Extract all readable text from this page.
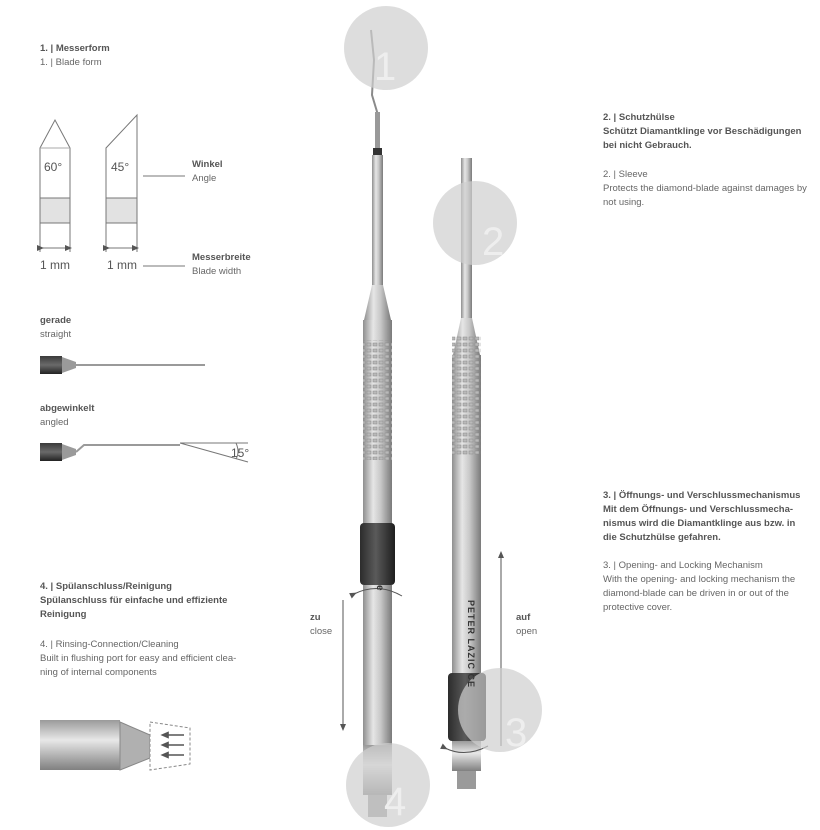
1. | Messerform
1. | Blade form
60°	45°
1 mm	1 mm
Winkel
Angle
Messerbreite
Blade width
gerade
straight
abgewinkelt
angled
15°
4. | Spülanschluss/Reinigung
Spülanschluss für einfache und effiziente
Reinigung
4. | Rinsing-Connection/Cleaning
Built in flushing port for easy and efficient clea-
ning of internal components
2. | Schutzhülse
Schützt Diamantklinge vor Beschädigungen
bei nicht Gebrauch.
2. | Sleeve
Protects the diamond-blade against damages by
not using.
3. | Öffnungs- und Verschlussmechanismus
Mit dem Öffnungs- und Verschlussmecha-
nismus wird die Diamantklinge aus bzw. in
die Schutzhülse gefahren.
3. | Opening- and Locking Mechanism
With the opening- and locking mechanism the
diamond-blade can be driven in or out of the
protective cover.
zu
close
auf
open
e
PETER LAZIC CE
1
2
3
4
